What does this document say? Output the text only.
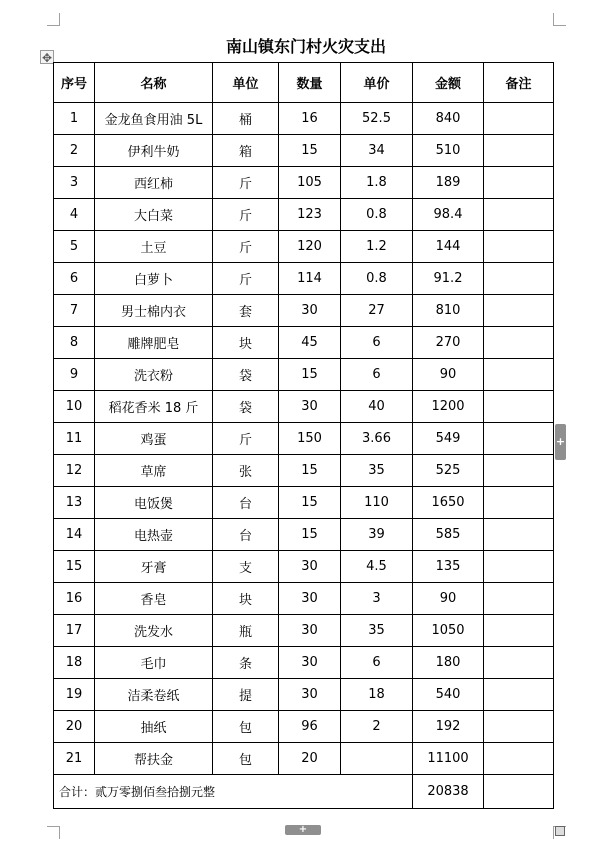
南山镇东门村火灾支出
✥
序号	名称	单位	数量	单价	金额	备注
1	金龙鱼食用油 5L	桶	16	52.5	840	
2	伊利牛奶	箱	15	34	510	
3	西红柿	斤	105	1.8	189	
4	大白菜	斤	123	0.8	98.4	
5	土豆	斤	120	1.2	144	
6	白萝卜	斤	114	0.8	91.2	
7	男士棉内衣	套	30	27	810	
8	雕牌肥皂	块	45	6	270	
9	洗衣粉	袋	15	6	90	
10	稻花香米 18 斤	袋	30	40	1200	
11	鸡蛋	斤	150	3.66	549	
12	草席	张	15	35	525	
13	电饭煲	台	15	110	1650	
14	电热壶	台	15	39	585	
15	牙膏	支	30	4.5	135	
16	香皂	块	30	3	90	
17	洗发水	瓶	30	35	1050	
18	毛巾	条	30	6	180	
19	洁柔卷纸	提	30	18	540	
20	抽纸	包	96	2	192	
21	帮扶金	包	20		11100	
合计：贰万零捌佰叁拾捌元整					20838	
+
+
